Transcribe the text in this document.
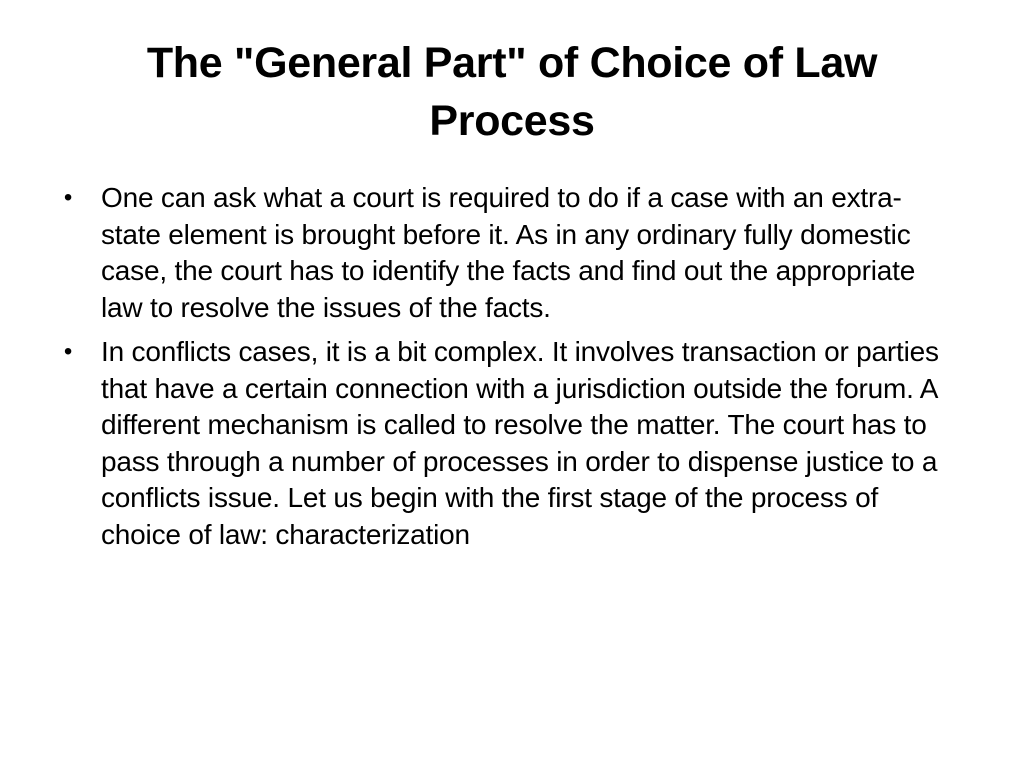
The "General Part" of Choice of Law Process
• One can ask what a court is required to do if a case with an extra-state element is brought before it. As in any ordinary fully domestic case, the court has to identify the facts and find out the appropriate law to resolve the issues of the facts.
• In conflicts cases, it is a bit complex. It involves transaction or parties that have a certain connection with a jurisdiction outside the forum. A different mechanism is called to resolve the matter. The court has to pass through a number of processes in order to dispense justice to a conflicts issue. Let us begin with the first stage of the process of choice of law: characterization
